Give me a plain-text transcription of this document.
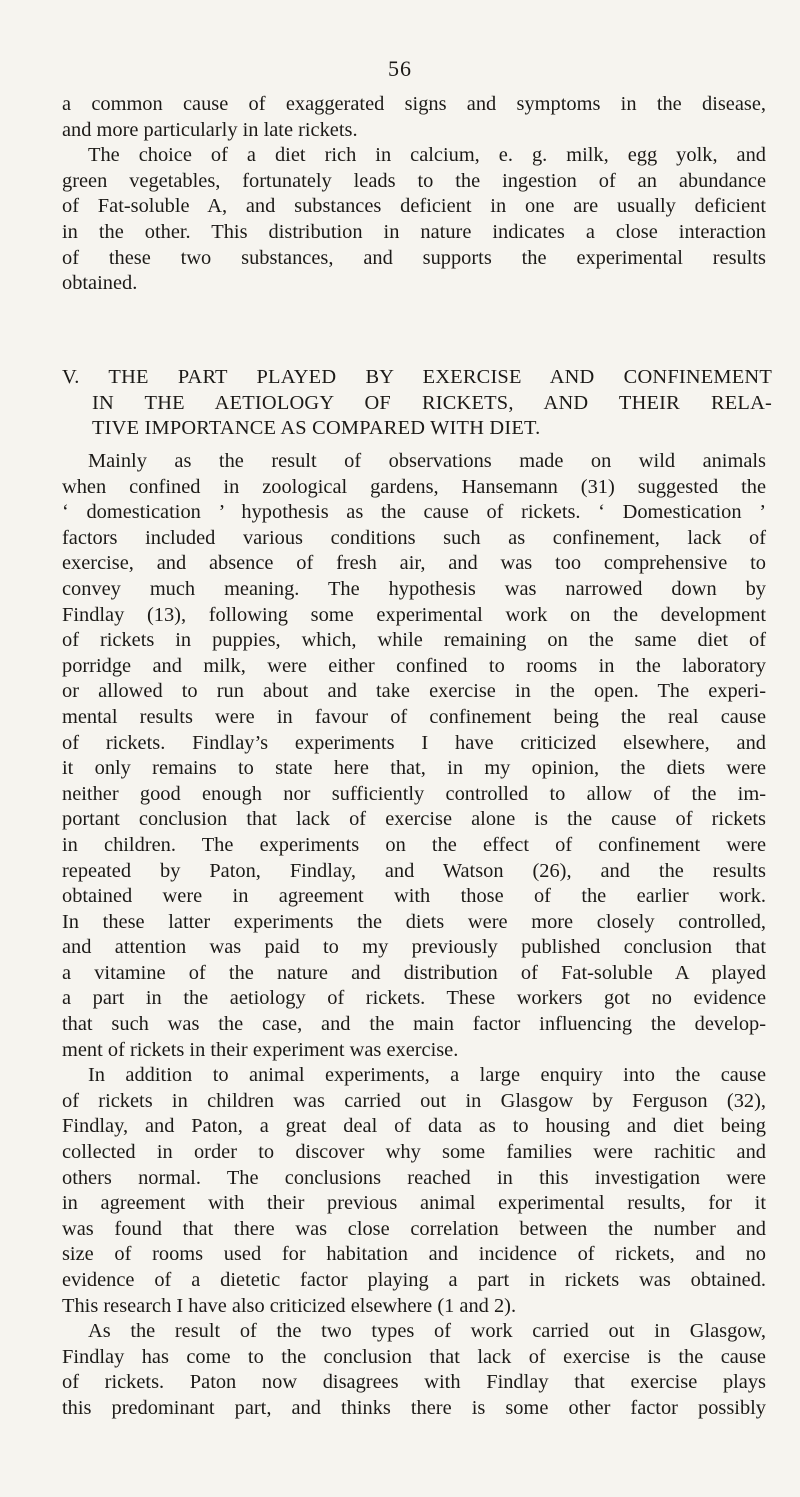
56
a common cause of exaggerated signs and symptoms in the disease,
and more particularly in late rickets.
The choice of a diet rich in calcium, e. g. milk, egg yolk, and
green vegetables, fortunately leads to the ingestion of an abundance
of Fat-soluble A, and substances deficient in one are usually deficient
in the other. This distribution in nature indicates a close interaction
of these two substances, and supports the experimental results
obtained.
V. THE PART PLAYED BY EXERCISE AND CONFINEMENT
IN THE AETIOLOGY OF RICKETS, AND THEIR RELA-
TIVE IMPORTANCE AS COMPARED WITH DIET.
Mainly as the result of observations made on wild animals
when confined in zoological gardens, Hansemann (31) suggested the
‘ domestication ’ hypothesis as the cause of rickets. ‘ Domestication ’
factors included various conditions such as confinement, lack of
exercise, and absence of fresh air, and was too comprehensive to
convey much meaning. The hypothesis was narrowed down by
Findlay (13), following some experimental work on the development
of rickets in puppies, which, while remaining on the same diet of
porridge and milk, were either confined to rooms in the laboratory
or allowed to run about and take exercise in the open. The experi-
mental results were in favour of confinement being the real cause
of rickets. Findlay’s experiments I have criticized elsewhere, and
it only remains to state here that, in my opinion, the diets were
neither good enough nor sufficiently controlled to allow of the im-
portant conclusion that lack of exercise alone is the cause of rickets
in children. The experiments on the effect of confinement were
repeated by Paton, Findlay, and Watson (26), and the results
obtained were in agreement with those of the earlier work.
In these latter experiments the diets were more closely controlled,
and attention was paid to my previously published conclusion that
a vitamine of the nature and distribution of Fat-soluble A played
a part in the aetiology of rickets. These workers got no evidence
that such was the case, and the main factor influencing the develop-
ment of rickets in their experiment was exercise.
In addition to animal experiments, a large enquiry into the cause
of rickets in children was carried out in Glasgow by Ferguson (32),
Findlay, and Paton, a great deal of data as to housing and diet being
collected in order to discover why some families were rachitic and
others normal. The conclusions reached in this investigation were
in agreement with their previous animal experimental results, for it
was found that there was close correlation between the number and
size of rooms used for habitation and incidence of rickets, and no
evidence of a dietetic factor playing a part in rickets was obtained.
This research I have also criticized elsewhere (1 and 2).
As the result of the two types of work carried out in Glasgow,
Findlay has come to the conclusion that lack of exercise is the cause
of rickets. Paton now disagrees with Findlay that exercise plays
this predominant part, and thinks there is some other factor possibly
